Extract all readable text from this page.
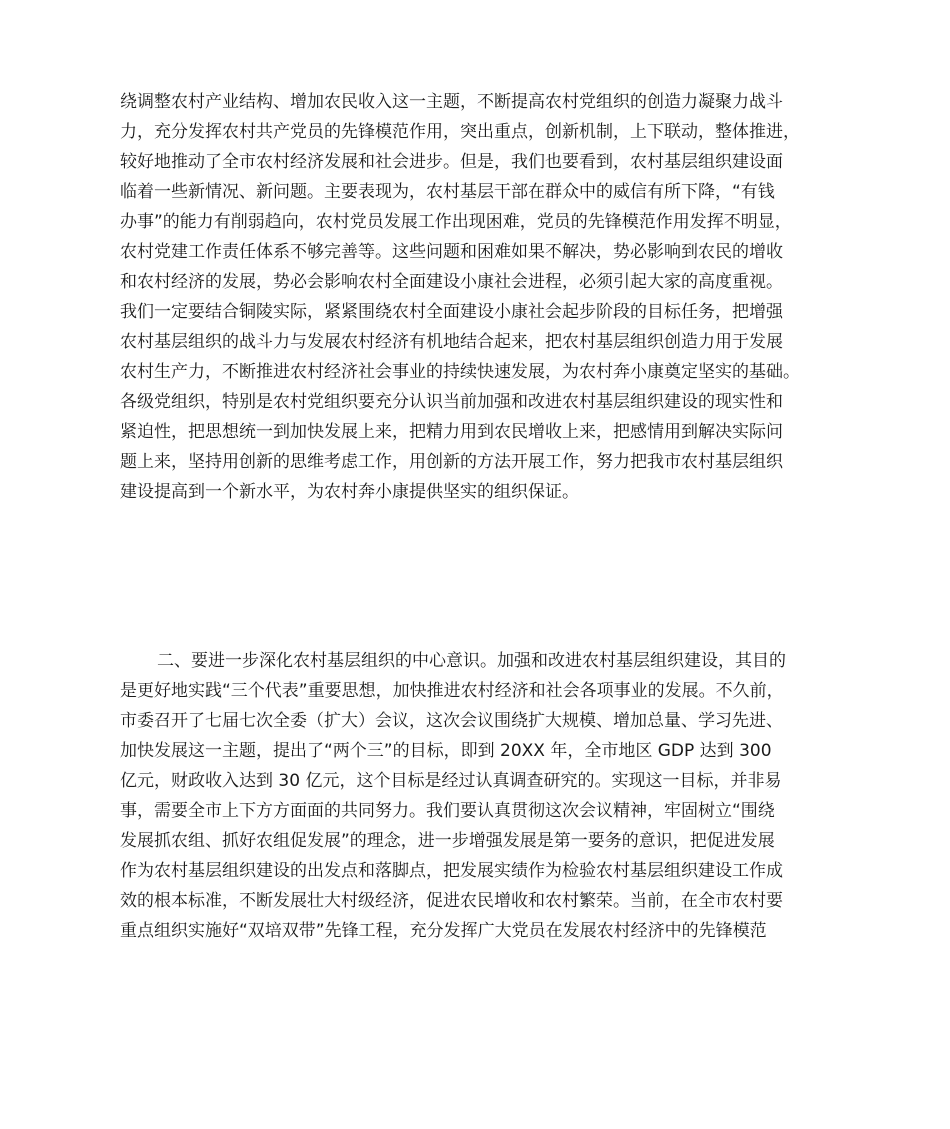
绕调整农村产业结构、增加农民收入这一主题，不断提高农村党组织的创造力凝聚力战斗
力，充分发挥农村共产党员的先锋模范作用，突出重点，创新机制，上下联动，整体推进，
较好地推动了全市农村经济发展和社会进步。但是，我们也要看到，农村基层组织建设面
临着一些新情况、新问题。主要表现为，农村基层干部在群众中的威信有所下降，“有钱
办事”的能力有削弱趋向，农村党员发展工作出现困难，党员的先锋模范作用发挥不明显，
农村党建工作责任体系不够完善等。这些问题和困难如果不解决，势必影响到农民的增收
和农村经济的发展，势必会影响农村全面建设小康社会进程，必须引起大家的高度重视。
我们一定要结合铜陵实际，紧紧围绕农村全面建设小康社会起步阶段的目标任务，把增强
农村基层组织的战斗力与发展农村经济有机地结合起来，把农村基层组织创造力用于发展
农村生产力，不断推进农村经济社会事业的持续快速发展，为农村奔小康奠定坚实的基础。
各级党组织，特别是农村党组织要充分认识当前加强和改进农村基层组织建设的现实性和
紧迫性，把思想统一到加快发展上来，把精力用到农民增收上来，把感情用到解决实际问
题上来，坚持用创新的思维考虑工作，用创新的方法开展工作，努力把我市农村基层组织
建设提高到一个新水平，为农村奔小康提供坚实的组织保证。
二、要进一步深化农村基层组织的中心意识。加强和改进农村基层组织建设，其目的
是更好地实践“三个代表”重要思想，加快推进农村经济和社会各项事业的发展。不久前，
市委召开了七届七次全委（扩大）会议，这次会议围绕扩大规模、增加总量、学习先进、
加快发展这一主题，提出了“两个三”的目标，即到 20XX 年，全市地区 GDP 达到 300
亿元，财政收入达到 30 亿元，这个目标是经过认真调查研究的。实现这一目标，并非易
事，需要全市上下方方面面的共同努力。我们要认真贯彻这次会议精神，牢固树立“围绕
发展抓农组、抓好农组促发展”的理念，进一步增强发展是第一要务的意识，把促进发展
作为农村基层组织建设的出发点和落脚点，把发展实绩作为检验农村基层组织建设工作成
效的根本标准，不断发展壮大村级经济，促进农民增收和农村繁荣。当前，在全市农村要
重点组织实施好“双培双带”先锋工程，充分发挥广大党员在发展农村经济中的先锋模范
